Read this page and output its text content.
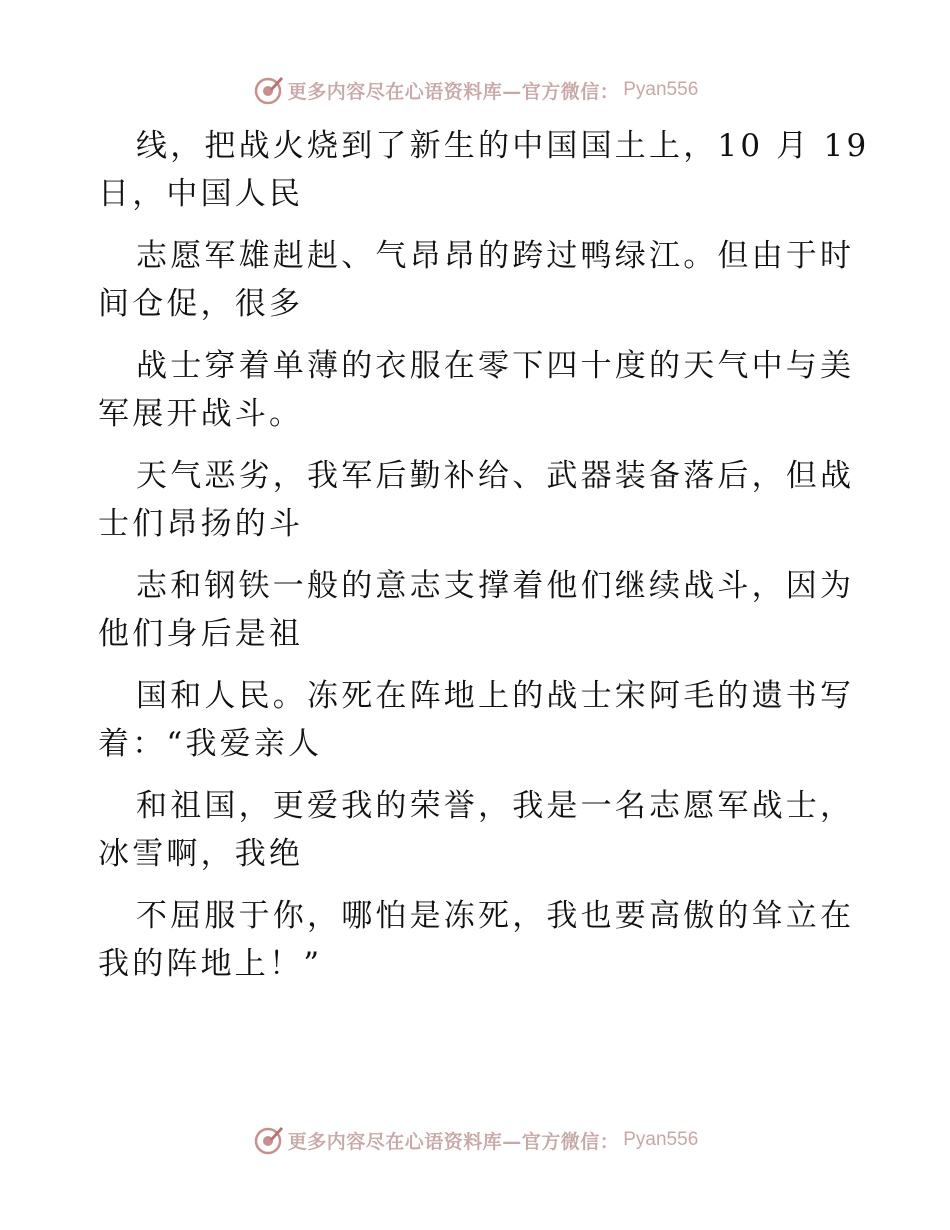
更多内容尽在心语资料库—官方微信： Pyan556

线，把战火烧到了新生的中国国土上，10 月 19
日，中国人民

志愿军雄赳赳、气昂昂的跨过鸭绿江。但由于时
间仓促，很多

战士穿着单薄的衣服在零下四十度的天气中与美
军展开战斗。

天气恶劣，我军后勤补给、武器装备落后，但战
士们昂扬的斗

志和钢铁一般的意志支撑着他们继续战斗，因为
他们身后是祖

国和人民。冻死在阵地上的战士宋阿毛的遗书写
着：“我爱亲人

和祖国，更爱我的荣誉，我是一名志愿军战士，
冰雪啊，我绝

不屈服于你，哪怕是冻死，我也要高傲的耸立在
我的阵地上！”

更多内容尽在心语资料库—官方微信： Pyan556
